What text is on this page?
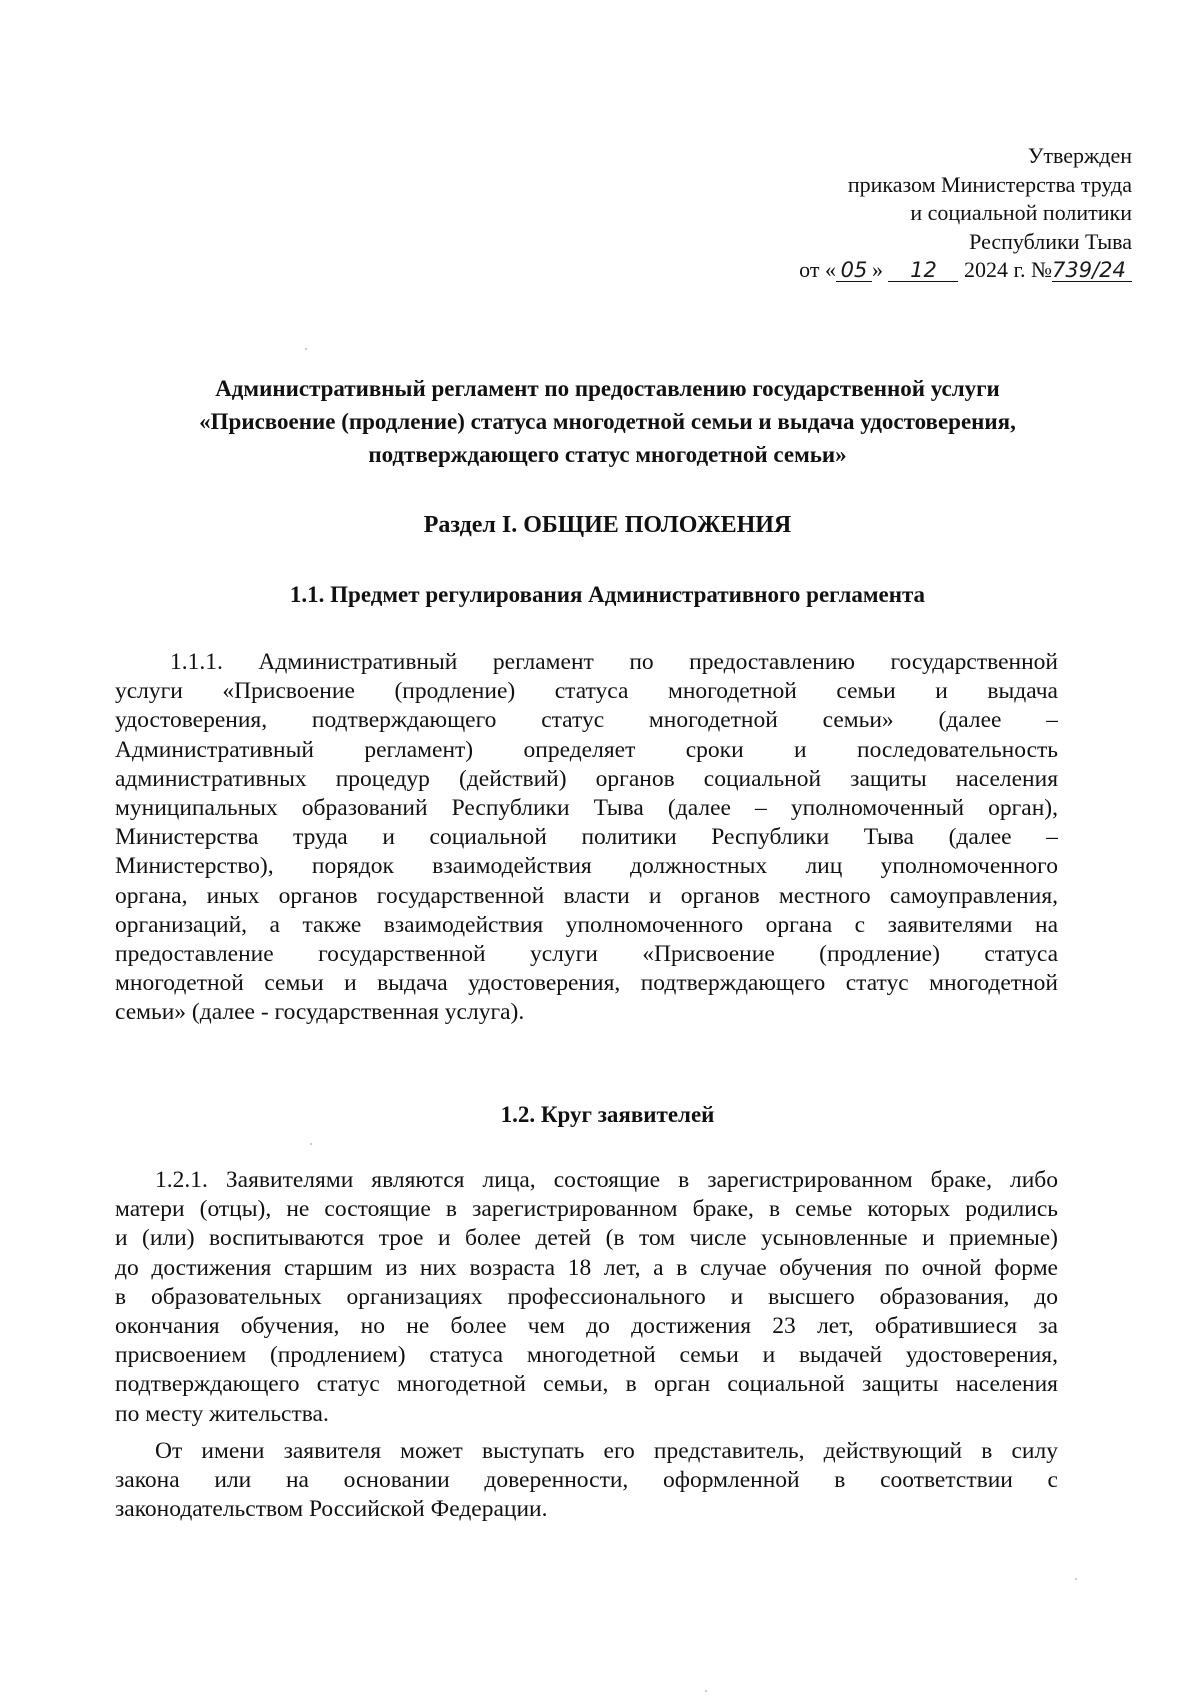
Утвержден
приказом Министерства труда
и социальной политики
Республики Тыва
от « 05 » 12 2024 г. №739/24
Административный регламент по предоставлению государственной услуги
«Присвоение (продление) статуса многодетной семьи и выдача удостоверения,
подтверждающего статус многодетной семьи»
Раздел I. ОБЩИЕ ПОЛОЖЕНИЯ
1.1. Предмет регулирования Административного регламента
1.1.1. Административный регламент по предоставлению государственной
услуги «Присвоение (продление) статуса многодетной семьи и выдача
удостоверения, подтверждающего статус многодетной семьи» (далее –
Административный регламент) определяет сроки и последовательность
административных процедур (действий) органов социальной защиты населения
муниципальных образований Республики Тыва (далее – уполномоченный орган),
Министерства труда и социальной политики Республики Тыва (далее –
Министерство), порядок взаимодействия должностных лиц уполномоченного
органа, иных органов государственной власти и органов местного самоуправления,
организаций, а также взаимодействия уполномоченного органа с заявителями на
предоставление государственной услуги «Присвоение (продление) статуса
многодетной семьи и выдача удостоверения, подтверждающего статус многодетной
семьи» (далее - государственная услуга).
1.2. Круг заявителей
1.2.1. Заявителями являются лица, состоящие в зарегистрированном браке, либо
матери (отцы), не состоящие в зарегистрированном браке, в семье которых родились
и (или) воспитываются трое и более детей (в том числе усыновленные и приемные)
до достижения старшим из них возраста 18 лет, а в случае обучения по очной форме
в образовательных организациях профессионального и высшего образования, до
окончания обучения, но не более чем до достижения 23 лет, обратившиеся за
присвоением (продлением) статуса многодетной семьи и выдачей удостоверения,
подтверждающего статус многодетной семьи, в орган социальной защиты населения
по месту жительства.
От имени заявителя может выступать его представитель, действующий в силу
закона или на основании доверенности, оформленной в соответствии с
законодательством Российской Федерации.
